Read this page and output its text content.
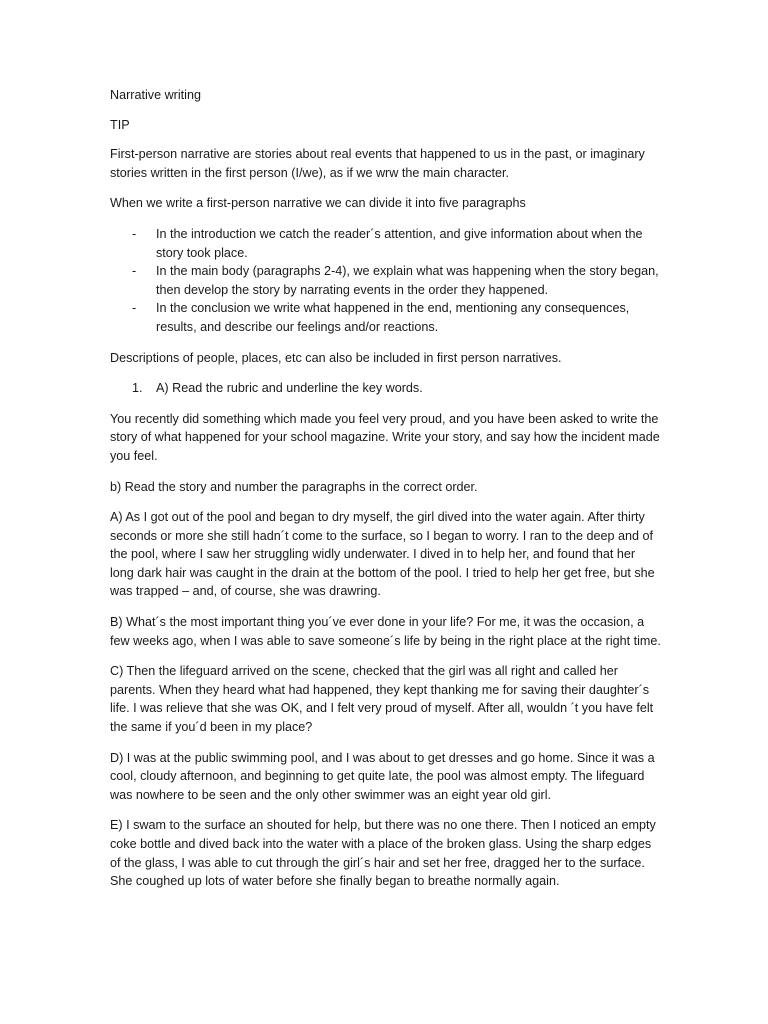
Narrative writing

TIP

First-person narrative are stories about real events that happened to us in the past, or imaginary stories written in the first person (I/we), as if we wrw the main character.

When we write a first-person narrative we can divide it into five paragraphs

- In the introduction we catch the reader´s attention, and give information about when the story took place.
- In the main body (paragraphs 2-4), we explain what was happening when the story began, then develop the story by narrating events in the order they happened.
- In the conclusion we write what happened in the end, mentioning any consequences, results, and describe our feelings and/or reactions.

Descriptions of people, places, etc can also be included in first person narratives.

1. A) Read the rubric and underline the key words.

You recently did something which made you feel very proud, and you have been asked to write the story of what happened for your school magazine. Write your story, and say how the incident made you feel.

b) Read the story and number the paragraphs in the correct order.

A) As I got out of the pool and began to dry myself, the girl dived into the water again. After thirty seconds or more she still hadn´t come to the surface, so I began to worry. I ran to the deep and of the pool, where I saw her struggling widly underwater. I dived in to help her, and found that her long dark hair was caught in the drain at the bottom of the pool. I tried to help her get free, but she was trapped – and, of course, she was drawring.

B) What´s the most important thing you´ve ever done in your life? For me, it was the occasion, a few weeks ago, when I was able to save someone´s life by being in the right place at the right time.

C) Then the lifeguard arrived on the scene, checked that the girl was all right and called her parents. When they heard what had happened, they kept thanking me for saving their daughter´s life. I was relieve that she was OK, and I felt very proud of myself. After all, wouldn ´t you have felt the same if you´d been in my place?

D) I was at the public swimming pool, and I was about to get dresses and go home. Since it was a cool, cloudy afternoon, and beginning to get quite late, the pool was almost empty. The lifeguard was nowhere to be seen and the only other swimmer was an eight year old girl.

E) I swam to the surface an shouted for help, but there was no one there. Then I noticed an empty coke bottle and dived back into the water with a place of the broken glass. Using the sharp edges of the glass, I was able to cut through the girl´s hair and set her free, dragged her to the surface. She coughed up lots of water before she finally began to breathe normally again.
